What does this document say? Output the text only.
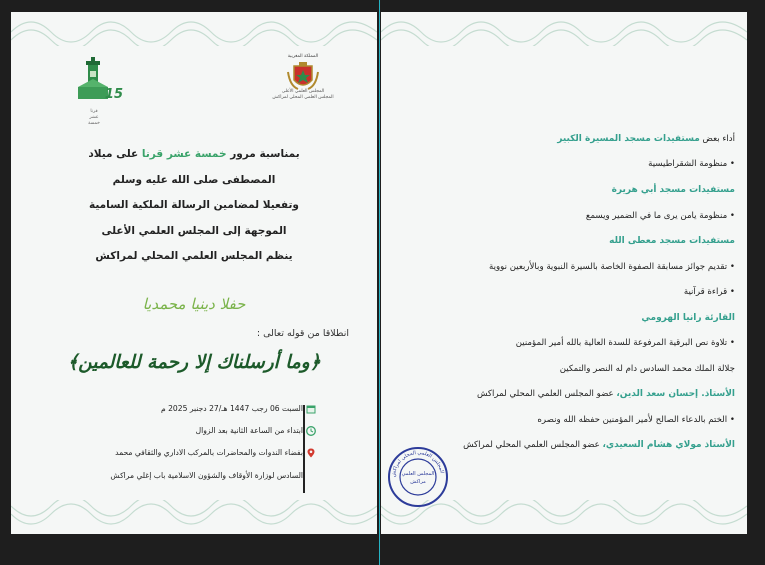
15
قرنا
عشر
خمسة
المملكة المغربية
المجلس العلمي الأعلى
المجلس العلمي المحلي لمراكش
بمناسبة مرور خمسة عشر قرنا على ميلاد
المصطفى صلى الله عليه وسلم
وتفعيلا لمضامين الرسالة الملكية السامية
الموجهة إلى المجلس العلمي الأعلى
ينظم المجلس العلمي المحلي لمراكش
حفلا دينيا محمديا
انطلاقا من قوله تعالى :
﴿وما أرسلناك إلا رحمة للعالمين﴾
السبت 06 رجب 1447 هـ/27 دجنبر 2025 م
ابتداء من الساعة الثانية بعد الزوال
بفضاء الندوات والمحاضرات بالمركب الاداري والثقافي محمد
السادس لوزارة الأوقاف والشؤون الاسلامية باب إغلي مراكش
أداء بعض مستفيدات مسجد المسيرة الكبير
• منظومة الشقراطيسية
مستفيدات مسجد أبي هريرة
• منظومة يامن يرى ما في الضمير ويسمع
مستفيدات مسجد معطى الله
• تقديم جوائز مسابقة الصفوة الخاصة بالسيرة النبوية وبالأربعين نووية
• قراءة قرآنية
القارئة رانيا الهرومي
• تلاوة نص البرقية المرفوعة للسدة العالية بالله أمير المؤمنين
جلالة الملك محمد السادس دام له النصر والتمكين
الأستاذ. إحسان سعد الدين، عضو المجلس العلمي المحلي لمراكش
• الختم بالدعاء الصالح لأمير المؤمنين حفظه الله ونصره
الأستاذ مولاي هشام السعيدي، عضو المجلس العلمي المحلي لمراكش
المجلس العلمي المحلي لمراكش
المجلس العلمي
مراكش
